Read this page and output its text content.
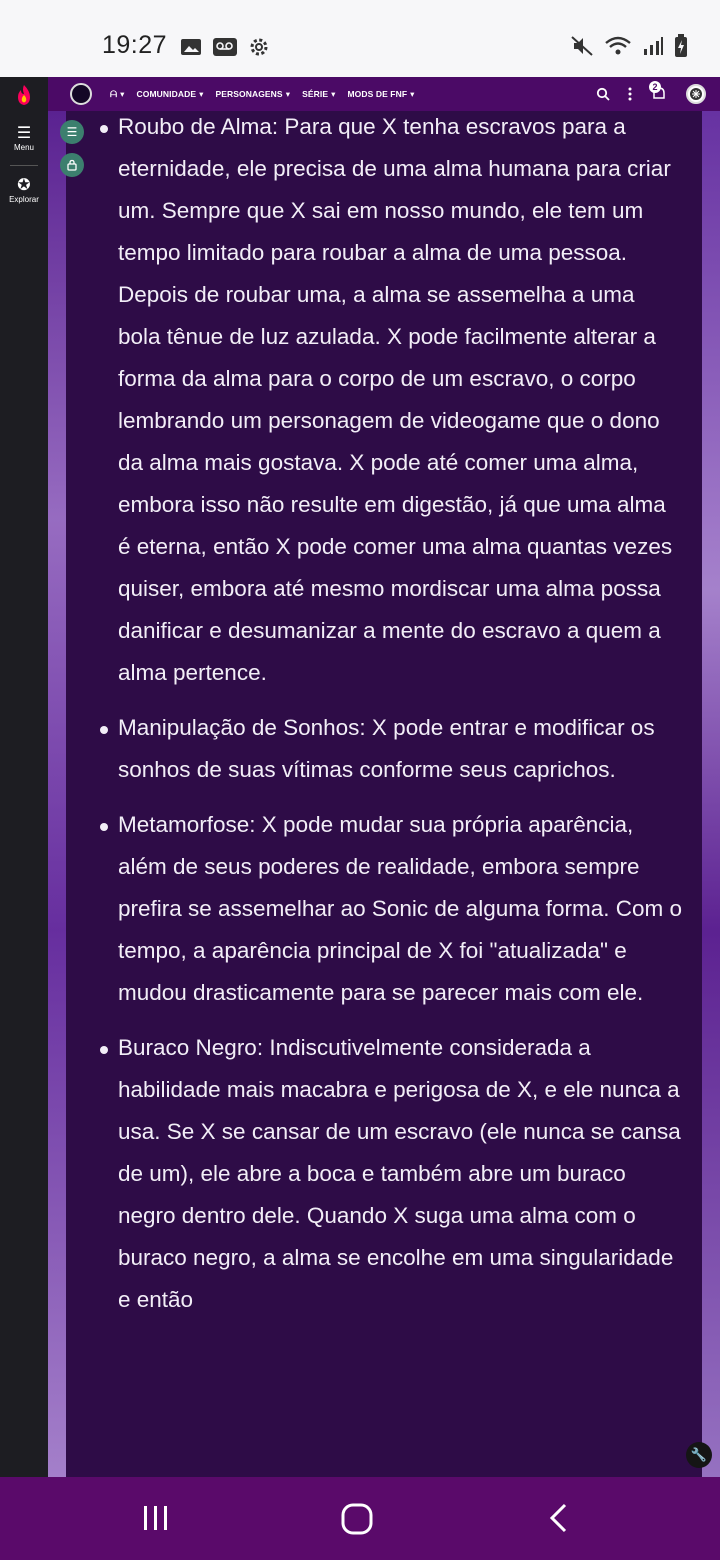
19:27
ᗩ ▾ COMUNIDADE ▾ PERSONAGENS ▾ SÉRIE ▾ MODS DE FNF ▾
2
☰
Menu
✪
Explorar
☰	Roubo de Alma: Para que X tenha escravos para a eternidade, ele precisa de uma alma humana para criar um. Sempre que X sai em nosso mundo, ele tem um tempo limitado para roubar a alma de uma pessoa. Depois de roubar uma, a alma se assemelha a uma bola tênue de luz azulada. X pode facilmente alterar a forma da alma para o corpo de um escravo, o corpo lembrando um personagem de videogame que o dono da alma mais gostava. X pode até comer uma alma, embora isso não resulte em digestão, já que uma alma é eterna, então X pode comer uma alma quantas vezes quiser, embora até mesmo mordiscar uma alma possa danificar e desumanizar a mente do escravo a quem a alma pertence.
Manipulação de Sonhos: X pode entrar e modificar os sonhos de suas vítimas conforme seus caprichos.
Metamorfose: X pode mudar sua própria aparência, além de seus poderes de realidade, embora sempre prefira se assemelhar ao Sonic de alguma forma. Com o tempo, a aparência principal de X foi "atualizada" e mudou drasticamente para se parecer mais com ele.
Buraco Negro: Indiscutivelmente considerada a habilidade mais macabra e perigosa de X, e ele nunca a usa. Se X se cansar de um escravo (ele nunca se cansa de um), ele abre a boca e também abre um buraco negro dentro dele. Quando X suga uma alma com o buraco negro, a alma se encolhe em uma singularidade e então
🔧
